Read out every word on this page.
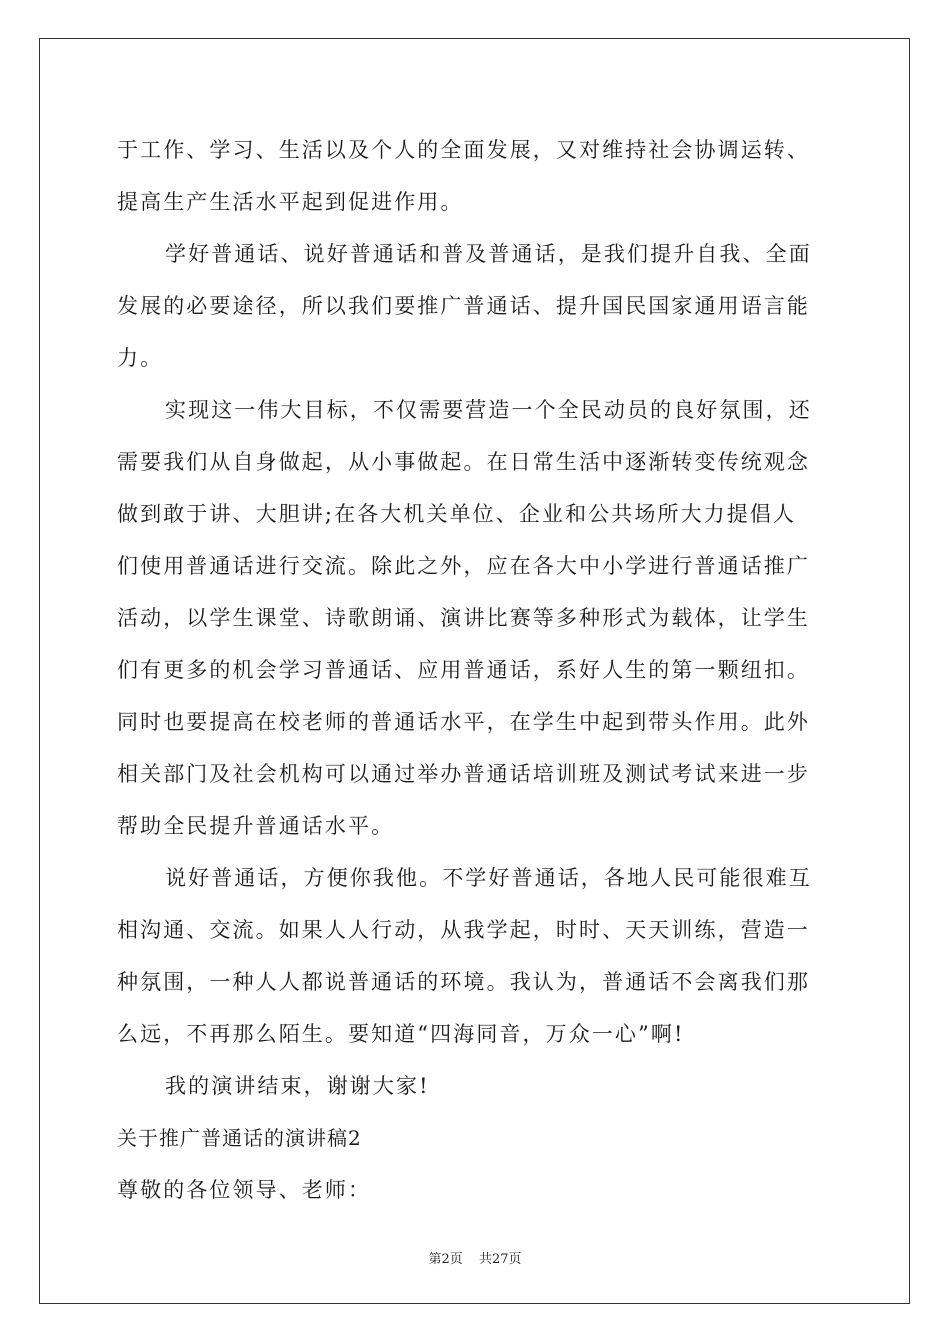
于工作、学习、生活以及个人的全面发展，又对维持社会协调运转、
提高生产生活水平起到促进作用。
学好普通话、说好普通话和普及普通话，是我们提升自我、全面
发展的必要途径，所以我们要推广普通话、提升国民国家通用语言能
力。
实现这一伟大目标，不仅需要营造一个全民动员的良好氛围，还
需要我们从自身做起，从小事做起。在日常生活中逐渐转变传统观念
做到敢于讲、大胆讲;在各大机关单位、企业和公共场所大力提倡人
们使用普通话进行交流。除此之外，应在各大中小学进行普通话推广
活动，以学生课堂、诗歌朗诵、演讲比赛等多种形式为载体，让学生
们有更多的机会学习普通话、应用普通话，系好人生的第一颗纽扣。
同时也要提高在校老师的普通话水平，在学生中起到带头作用。此外
相关部门及社会机构可以通过举办普通话培训班及测试考试来进一步
帮助全民提升普通话水平。
说好普通话，方便你我他。不学好普通话，各地人民可能很难互
相沟通、交流。如果人人行动，从我学起，时时、天天训练，营造一
种氛围，一种人人都说普通话的环境。我认为，普通话不会离我们那
么远，不再那么陌生。要知道“四海同音，万众一心”啊!
我的演讲结束，谢谢大家!
关于推广普通话的演讲稿2
尊敬的各位领导、老师：
第2页 共27页
